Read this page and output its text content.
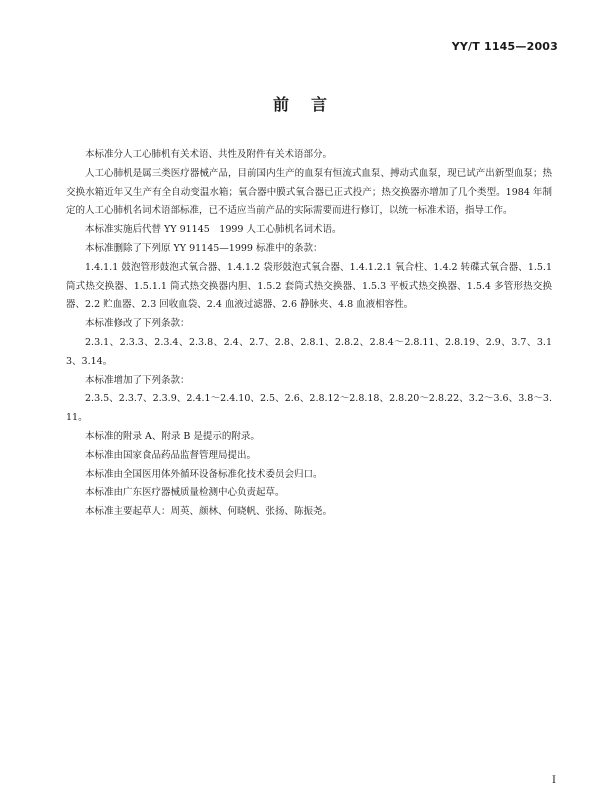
YY/T 1145—2003
前言

本标准分人工心肺机有关术语、共性及附件有关术语部分。

人工心肺机是属三类医疗器械产品，目前国内生产的血泵有恒流式血泵、搏动式血泵，现已试产出新型血泵；热交换水箱近年又生产有全自动变温水箱；氧合器中膜式氧合器已正式投产；热交换器亦增加了几个类型。1984 年制定的人工心肺机名词术语部标准，已不适应当前产品的实际需要而进行修订，以统一标准术语，指导工作。

本标准实施后代替 YY 91145　1999 人工心肺机名词术语。

本标准删除了下列原 YY 91145—1999 标准中的条款：

1.4.1.1 鼓泡管形鼓泡式氧合器、1.4.1.2 袋形鼓泡式氧合器、1.4.1.2.1 氧合柱、1.4.2 转碟式氧合器、1.5.1 筒式热交换器、1.5.1.1 筒式热交换器内胆、1.5.2 套筒式热交换器、1.5.3 平板式热交换器、1.5.4 多管形热交换器、2.2 贮血器、2.3 回收血袋、2.4 血液过滤器、2.6 静脉夹、4.8 血液相容性。

本标准修改了下列条款：

2.3.1、2.3.3、2.3.4、2.3.8、2.4、2.7、2.8、2.8.1、2.8.2、2.8.4～2.8.11、2.8.19、2.9、3.7、3.13、3.14。

本标准增加了下列条款：

2.3.5、2.3.7、2.3.9、2.4.1～2.4.10、2.5、2.6、2.8.12～2.8.18、2.8.20～2.8.22、3.2～3.6、3.8～3.11。

本标准的附录 A、附录 B 是提示的附录。

本标准由国家食品药品监督管理局提出。

本标准由全国医用体外循环设备标准化技术委员会归口。

本标准由广东医疗器械质量检测中心负责起草。

本标准主要起草人：周英、颜林、何晓帆、张扬、陈振尧。

I
